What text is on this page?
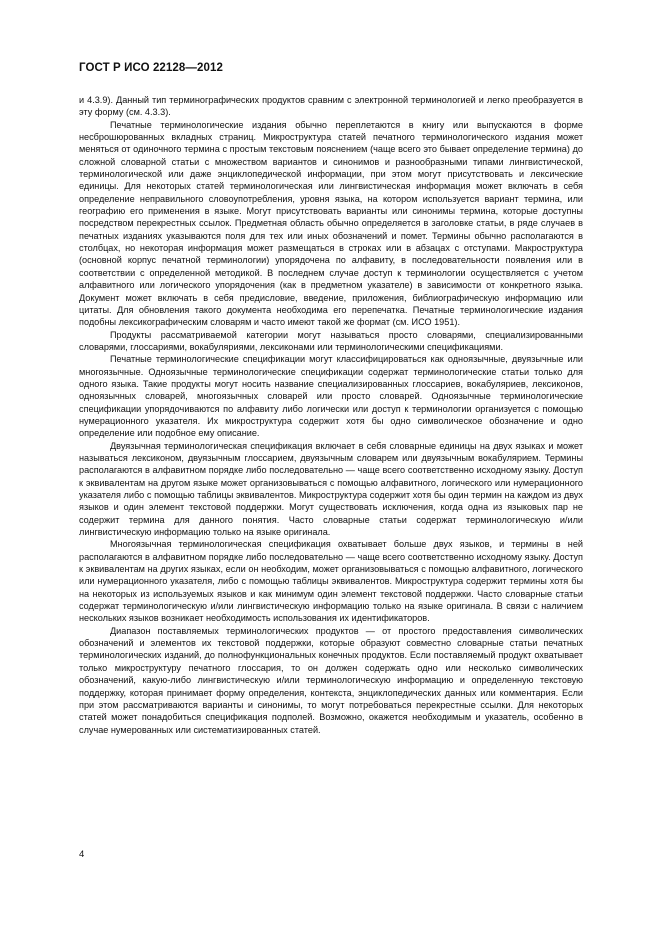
ГОСТ Р ИСО 22128—2012

и 4.3.9). Данный тип терминографических продуктов сравним с электронной терминологией и легко преобразуется в эту форму (см. 4.3.3).

Печатные терминологические издания обычно переплетаются в книгу или выпускаются в форме несброшюрованных вкладных страниц. Микроструктура статей печатного терминологического издания может меняться от одиночного термина с простым текстовым пояснением (чаще всего это бывает определение термина) до сложной словарной статьи с множеством вариантов и синонимов и разнообразными типами лингвистической, терминологической или даже энциклопедической информации, при этом могут присутствовать и лексические единицы. Для некоторых статей терминологическая или лингвистическая информация может включать в себя определение неправильного словоупотребления, уровня языка, на котором используется вариант термина, или географию его применения в языке. Могут присутствовать варианты или синонимы термина, которые доступны посредством перекрестных ссылок. Предметная область обычно определяется в заголовке статьи, в ряде случаев в печатных изданиях указываются поля для тех или иных обозначений и помет. Термины обычно располагаются в столбцах, но некоторая информация может размещаться в строках или в абзацах с отступами. Макроструктура (основной корпус печатной терминологии) упорядочена по алфавиту, в последовательности появления или в соответствии с определенной методикой. В последнем случае доступ к терминологии осуществляется с учетом алфавитного или логического упорядочения (как в предметном указателе) в зависимости от конкретного языка. Документ может включать в себя предисловие, введение, приложения, библиографическую информацию или цитаты. Для обновления такого документа необходима его перепечатка. Печатные терминологические издания подобны лексикографическим словарям и часто имеют такой же формат (см. ИСО 1951).

Продукты рассматриваемой категории могут называться просто словарями, специализированными словарями, глоссариями, вокабуляриями, лексиконами или терминологическими спецификациями.

Печатные терминологические спецификации могут классифицироваться как одноязычные, двуязычные или многоязычные. Одноязычные терминологические спецификации содержат терминологические статьи только для одного языка. Такие продукты могут носить название специализированных глоссариев, вокабуляриев, лексиконов, одноязычных словарей, многоязычных словарей или просто словарей. Одноязычные терминологические спецификации упорядочиваются по алфавиту либо логически или доступ к терминологии организуется с помощью нумерационного указателя. Их микроструктура содержит хотя бы одно символическое обозначение и одно определение или подобное ему описание.

Двуязычная терминологическая спецификация включает в себя словарные единицы на двух языках и может называться лексиконом, двуязычным глоссарием, двуязычным словарем или двуязычным вокабулярием. Термины располагаются в алфавитном порядке либо последовательно — чаще всего соответственно исходному языку. Доступ к эквивалентам на другом языке может организовываться с помощью алфавитного, логического или нумерационного указателя либо с помощью таблицы эквивалентов. Микроструктура содержит хотя бы один термин на каждом из двух языков и один элемент текстовой поддержки. Могут существовать исключения, когда одна из языковых пар не содержит термина для данного понятия. Часто словарные статьи содержат терминологическую и/или лингвистическую информацию только на языке оригинала.

Многоязычная терминологическая спецификация охватывает больше двух языков, и термины в ней располагаются в алфавитном порядке либо последовательно — чаще всего соответственно исходному языку. Доступ к эквивалентам на других языках, если он необходим, может организовываться с помощью алфавитного, логического или нумерационного указателя, либо с помощью таблицы эквивалентов. Микроструктура содержит термины хотя бы на некоторых из используемых языков и как минимум один элемент текстовой поддержки. Часто словарные статьи содержат терминологическую и/или лингвистическую информацию только на языке оригинала. В связи с наличием нескольких языков возникает необходимость использования их идентификаторов.

Диапазон поставляемых терминологических продуктов — от простого предоставления символических обозначений и элементов их текстовой поддержки, которые образуют совместно словарные статьи печатных терминологических изданий, до полнофункциональных конечных продуктов. Если поставляемый продукт охватывает только микроструктуру печатного глоссария, то он должен содержать одно или несколько символических обозначений, какую-либо лингвистическую и/или терминологическую информацию и определенную текстовую поддержку, которая принимает форму определения, контекста, энциклопедических данных или комментария. Если при этом рассматриваются варианты и синонимы, то могут потребоваться перекрестные ссылки. Для некоторых статей может понадобиться спецификация подполей. Возможно, окажется необходимым и указатель, особенно в случае нумерованных или систематизированных статей.

4
